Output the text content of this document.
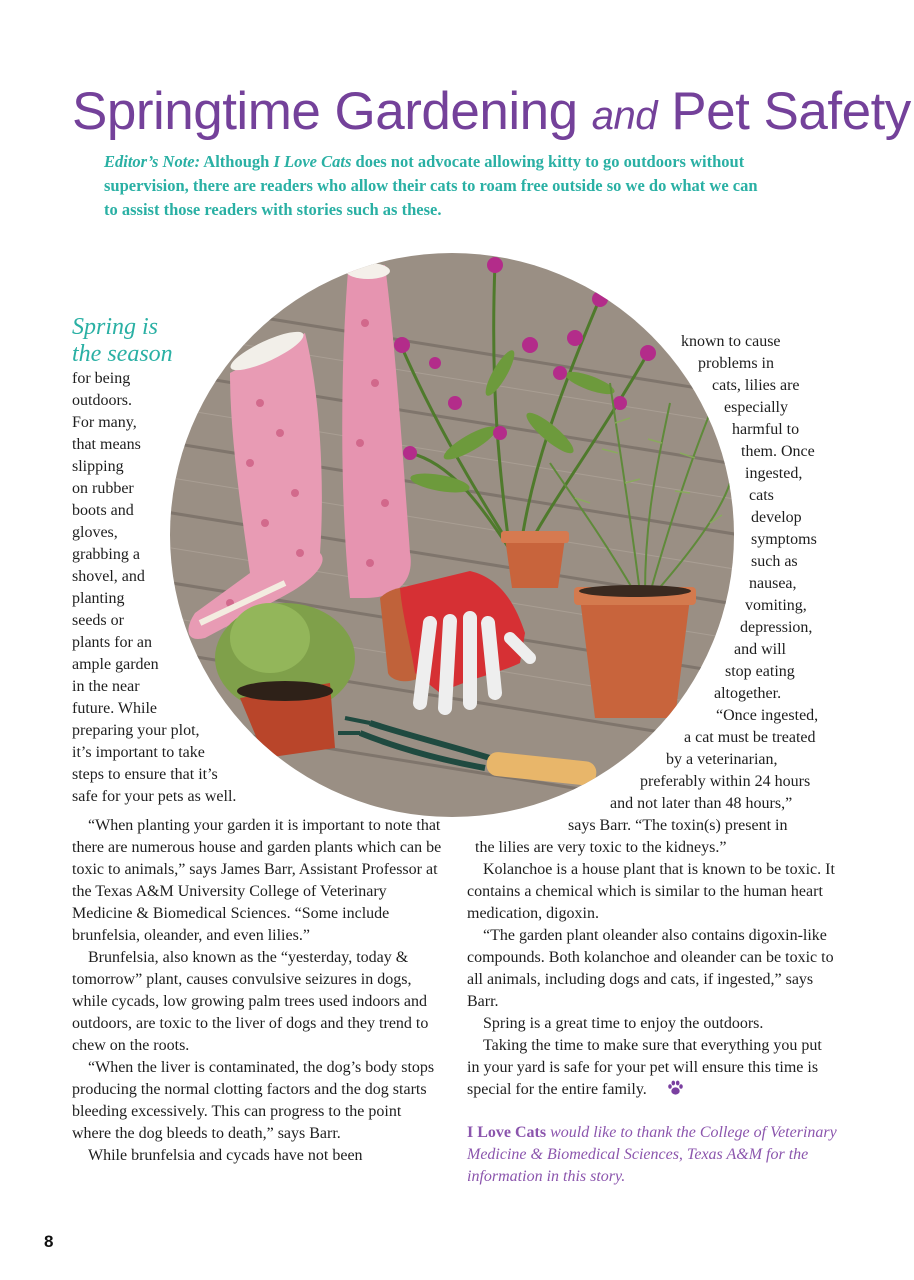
Springtime Gardening and Pet Safety
Editor’s Note: Although I Love Cats does not advocate allowing kitty to go outdoors without supervision, there are readers who allow their cats to roam free outside so we do what we can to assist those readers with stories such as these.
Spring is
the season
for being
outdoors.
For many,
that means
slipping
on rubber
boots and
gloves,
grabbing a
shovel, and
planting
seeds or
plants for an
ample garden
in the near
future. While
preparing your plot,
it’s important to take
steps to ensure that it’s
safe for your pets as well.
known to cause
problems in
cats, lilies are
especially
harmful to
them. Once
ingested,
cats
develop
symptoms
such as
nausea,
vomiting,
depression,
and will
stop eating
altogether.
“Once ingested,
a cat must be treated
by a veterinarian,
preferably within 24 hours
and not later than 48 hours,”
says Barr. “The toxin(s) present in
the lilies are very toxic to the kidneys.”

“When planting your garden it is important to note that there are numerous house and garden plants which can be toxic to animals,” says James Barr, Assistant Professor at the Texas A&M University College of Veterinary Medicine & Biomedical Sciences. “Some include brunfelsia, oleander, and even lilies.”

Brunfelsia, also known as the “yesterday, today & tomorrow” plant, causes convulsive seizures in dogs, while cycads, low growing palm trees used indoors and outdoors, are toxic to the liver of dogs and they trend to chew on the roots.

“When the liver is contaminated, the dog’s body stops producing the normal clotting factors and the dog starts bleeding excessively. This can progress to the point where the dog bleeds to death,” says Barr.

While brunfelsia and cycads have not been

Kolanchoe is a house plant that is known to be toxic. It contains a chemical which is similar to the human heart medication, digoxin.

“The garden plant oleander also contains digoxin-like compounds. Both kolanchoe and oleander can be toxic to all animals, including dogs and cats, if ingested,” says Barr.

Spring is a great time to enjoy the outdoors.

Taking the time to make sure that everything you put in your yard is safe for your pet will ensure this time is special for the entire family.

I Love Cats would like to thank the College of Veterinary Medicine & Biomedical Sciences, Texas A&M for the information in this story.
8
